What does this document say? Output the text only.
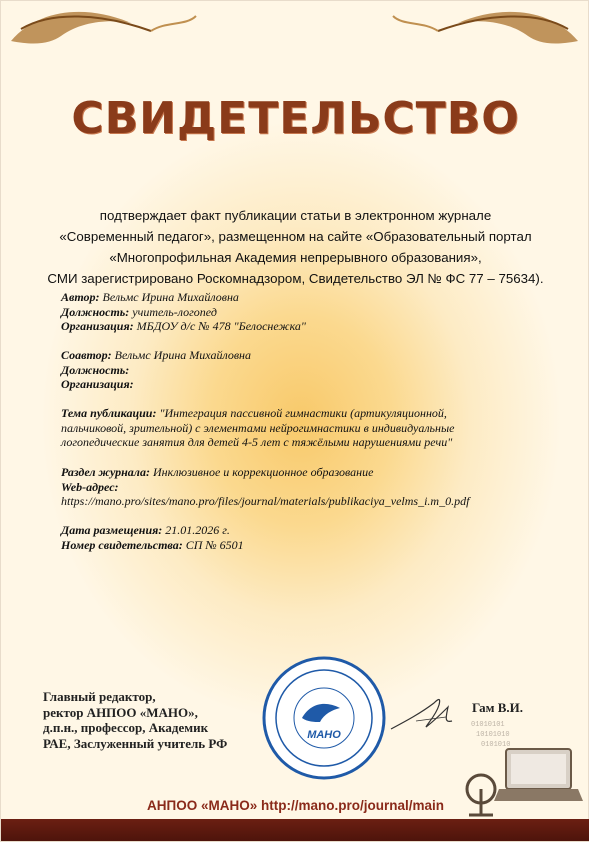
СВИДЕТЕЛЬСТВО
подтверждает факт публикации статьи в электронном журнале
«Современный педагог», размещенном на сайте «Образовательный портал
«Многопрофильная Академия непрерывного образования»,
СМИ зарегистрировано Роскомнадзором, Свидетельство ЭЛ № ФС 77 – 75634).
Автор: Вельмс Ирина Михайловна
Должность: учитель-логопед
Организация: МБДОУ д/с № 478 "Белоснежка"
Соавтор: Вельмс Ирина Михайловна
Должность:
Организация:
Тема публикации: "Интеграция пассивной гимнастики (артикуляционной,
пальчиковой, зрительной) с элементами нейрогимнастики в индивидуальные
логопедические занятия для детей 4-5 лет с тяжёлыми нарушениями речи"
Раздел журнала: Инклюзивное и коррекционное образование
Web-адрес:
https://mano.pro/sites/mano.pro/files/journal/materials/publikaciya_velms_i.m_0.pdf
Дата размещения: 21.01.2026 г.
Номер свидетельства: СП № 6501
Главный редактор,
ректор АНПОО «МАНО»,
д.п.н., профессор, Академик
РАЕ, Заслуженный учитель РФ
МАНО
Гам В.И.
01010101
10101010
0101010
АНПОО «МАНО» http://mano.pro/journal/main
